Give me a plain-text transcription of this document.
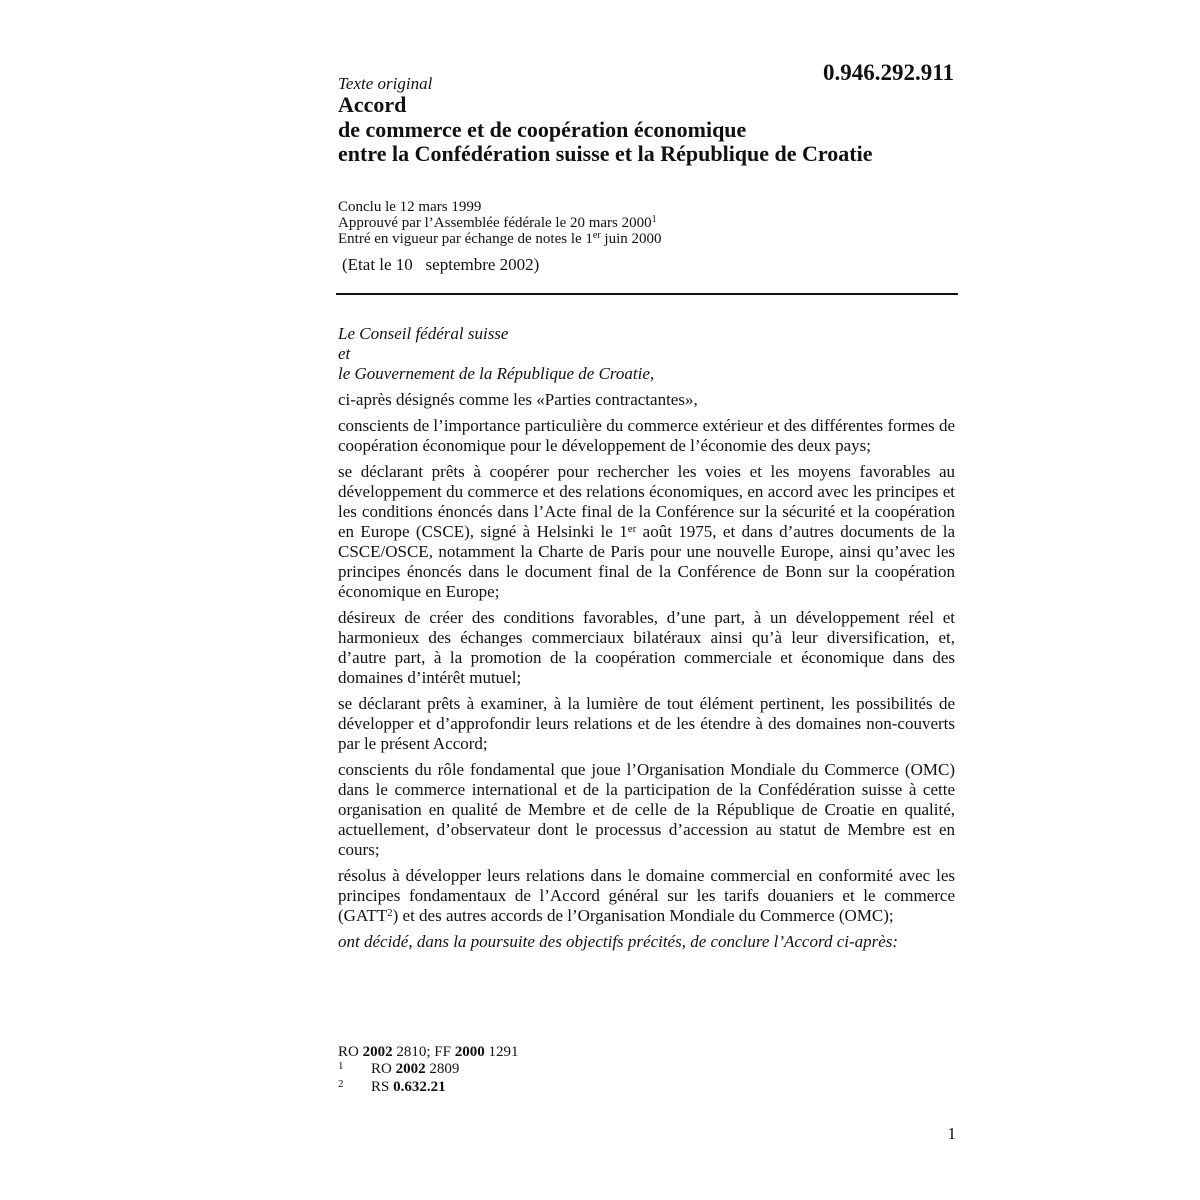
0.946.292.911
Texte original
Accord
de commerce et de coopération économique
entre la Confédération suisse et la République de Croatie
Conclu le 12 mars 1999
Approuvé par l’Assemblée fédérale le 20 mars 2000$^1$
Entré en vigueur par échange de notes le 1er juin 2000
(Etat le 10   septembre 2002)
Le Conseil fédéral suisse
et
le Gouvernement de la République de Croatie,

ci-après désignés comme les «Parties contractantes»,

conscients de l’importance particulière du commerce extérieur et des différentes formes de coopération économique pour le développement de l’économie des deux pays;

se déclarant prêts à coopérer pour rechercher les voies et les moyens favorables au développement du commerce et des relations économiques, en accord avec les principes et les conditions énoncés dans l’Acte final de la Conférence sur la sécurité et la coopération en Europe (CSCE), signé à Helsinki le 1er août 1975, et dans d’autres documents de la CSCE/OSCE, notamment la Charte de Paris pour une nouvelle Europe, ainsi qu’avec les principes énoncés dans le document final de la Conférence de Bonn sur la coopération économique en Europe;

désireux de créer des conditions favorables, d’une part, à un développement réel et harmonieux des échanges commerciaux bilatéraux ainsi qu’à leur diversification, et, d’autre part, à la promotion de la coopération commerciale et économique dans des domaines d’intérêt mutuel;

se déclarant prêts à examiner, à la lumière de tout élément pertinent, les possibilités de développer et d’approfondir leurs relations et de les étendre à des domaines non-couverts par le présent Accord;

conscients du rôle fondamental que joue l’Organisation Mondiale du Commerce (OMC) dans le commerce international et de la participation de la Confédération suisse à cette organisation en qualité de Membre et de celle de la République de Croatie en qualité, actuellement, d’observateur dont le processus d’accession au statut de Membre est en cours;

résolus à développer leurs relations dans le domaine commercial en conformité avec les principes fondamentaux de l’Accord général sur les tarifs douaniers et le commerce (GATT$^2$) et des autres accords de l’Organisation Mondiale du Commerce (OMC);

ont décidé, dans la poursuite des objectifs précités, de conclure l’Accord ci-après:

RO 2002 2810; FF 2000 1291
1	RO 2002 2809
2	RS 0.632.21
1
